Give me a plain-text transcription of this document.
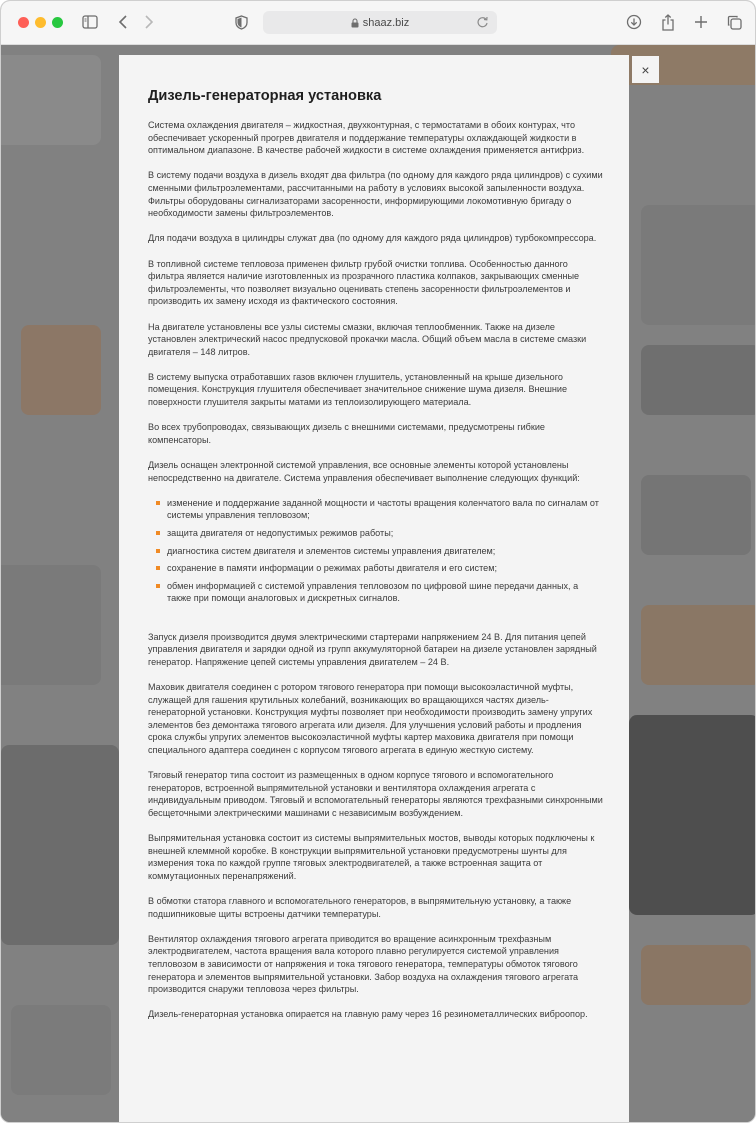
shaaz.biz
×
Дизель-генераторная установка

Система охлаждения двигателя – жидкостная, двухконтурная, с термостатами в обоих контурах, что обеспечивает ускоренный прогрев двигателя и поддержание температуры охлаждающей жидкости в оптимальном диапазоне. В качестве рабочей жидкости в системе охлаждения применяется антифриз.

В систему подачи воздуха в дизель входят два фильтра (по одному для каждого ряда цилиндров) с сухими сменными фильтроэлементами, рассчитанными на работу в условиях высокой запыленности воздуха. Фильтры оборудованы сигнализаторами засоренности, информирующими локомотивную бригаду о необходимости замены фильтроэлементов.

Для подачи воздуха в цилиндры служат два (по одному для каждого ряда цилиндров) турбокомпрессора.

В топливной системе тепловоза применен фильтр грубой очистки топлива. Особенностью данного фильтра является наличие изготовленных из прозрачного пластика колпаков, закрывающих сменные фильтроэлементы, что позволяет визуально оценивать степень засоренности фильтроэлементов и производить их замену исходя из фактического состояния.

На двигателе установлены все узлы системы смазки, включая теплообменник. Также на дизеле установлен электрический насос предпусковой прокачки масла. Общий объем масла в системе смазки двигателя – 148 литров.

В систему выпуска отработавших газов включен глушитель, установленный на крыше дизельного помещения. Конструкция глушителя обеспечивает значительное снижение шума дизеля. Внешние поверхности глушителя закрыты матами из теплоизолирующего материала.

Во всех трубопроводах, связывающих дизель с внешними системами, предусмотрены гибкие компенсаторы.

Дизель оснащен электронной системой управления, все основные элементы которой установлены непосредственно на двигателе. Система управления обеспечивает выполнение следующих функций:

изменение и поддержание заданной мощности и частоты вращения коленчатого вала по сигналам от системы управления тепловозом;
защита двигателя от недопустимых режимов работы;
диагностика систем двигателя и элементов системы управления двигателем;
сохранение в памяти информации о режимах работы двигателя и его систем;
обмен информацией с системой управления тепловозом по цифровой шине передачи данных, а также при помощи аналоговых и дискретных сигналов.

Запуск дизеля производится двумя электрическими стартерами напряжением 24 В. Для питания цепей управления двигателя и зарядки одной из групп аккумуляторной батареи на дизеле установлен зарядный генератор. Напряжение цепей системы управления двигателем – 24 В.

Маховик двигателя соединен с ротором тягового генератора при помощи высокоэластичной муфты, служащей для гашения крутильных колебаний, возникающих во вращающихся частях дизель-генераторной установки. Конструкция муфты позволяет при необходимости производить замену упругих элементов без демонтажа тягового агрегата или дизеля. Для улучшения условий работы и продления срока службы упругих элементов высокоэластичной муфты картер маховика двигателя при помощи специального адаптера соединен с корпусом тягового агрегата в единую жесткую систему.

Тяговый генератор типа состоит из размещенных в одном корпусе тягового и вспомогательного генераторов, встроенной выпрямительной установки и вентилятора охлаждения агрегата с индивидуальным приводом. Тяговый и вспомогательный генераторы являются трехфазными синхронными бесщеточными электрическими машинами с независимым возбуждением.

Выпрямительная установка состоит из системы выпрямительных мостов, выводы которых подключены к внешней клеммной коробке. В конструкции выпрямительной установки предусмотрены шунты для измерения тока по каждой группе тяговых электродвигателей, а также встроенная защита от коммутационных перенапряжений.

В обмотки статора главного и вспомогательного генераторов, в выпрямительную установку, а также подшипниковые щиты встроены датчики температуры.

Вентилятор охлаждения тягового агрегата приводится во вращение асинхронным трехфазным электродвигателем, частота вращения вала которого плавно регулируется системой управления тепловозом в зависимости от напряжения и тока тягового генератора, температуры обмоток тягового генератора и элементов выпрямительной установки. Забор воздуха на охлаждения тягового агрегата производится снаружи тепловоза через фильтры.

Дизель-генераторная установка опирается на главную раму через 16 резинометаллических виброопор.
